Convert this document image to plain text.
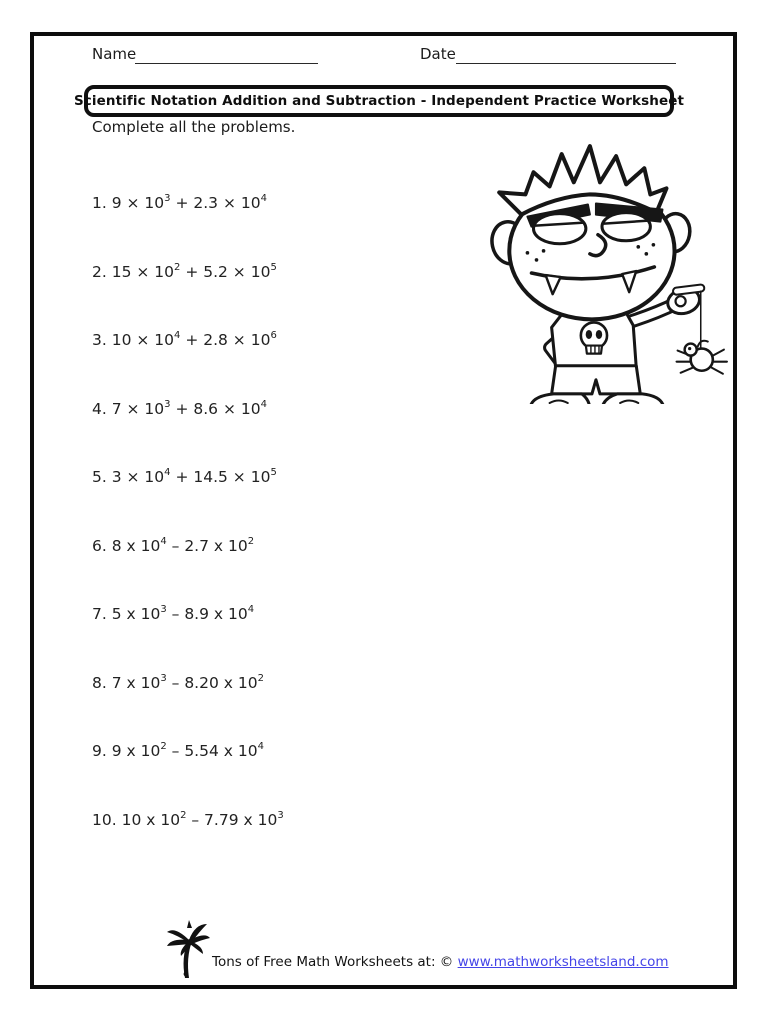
Name	Date
Scientific Notation Addition and Subtraction - Independent Practice Worksheet
Complete all the problems.
1. $9 \times 10^3 + 2.3 \times 10^4$
2. $15 \times 10^2 + 5.2 \times 10^5$
3. $10 \times 10^4 + 2.8 \times 10^6$
4. $7 \times 10^3 + 8.6 \times 10^4$
5. $3 \times 10^4 + 14.5 \times 10^5$
6. 8 x $10^4 - 2.7$ x $10^2$
7. 5 x $10^3 - 8.9$ x $10^4$
8. 7 x $10^3 - 8.20$ x $10^2$
9. 9 x $10^2 - 5.54$ x $10^4$
10. 10 x $10^2 - 7.79$ x $10^3$
Tons of Free Math Worksheets at: © www.mathworksheetsland.com
